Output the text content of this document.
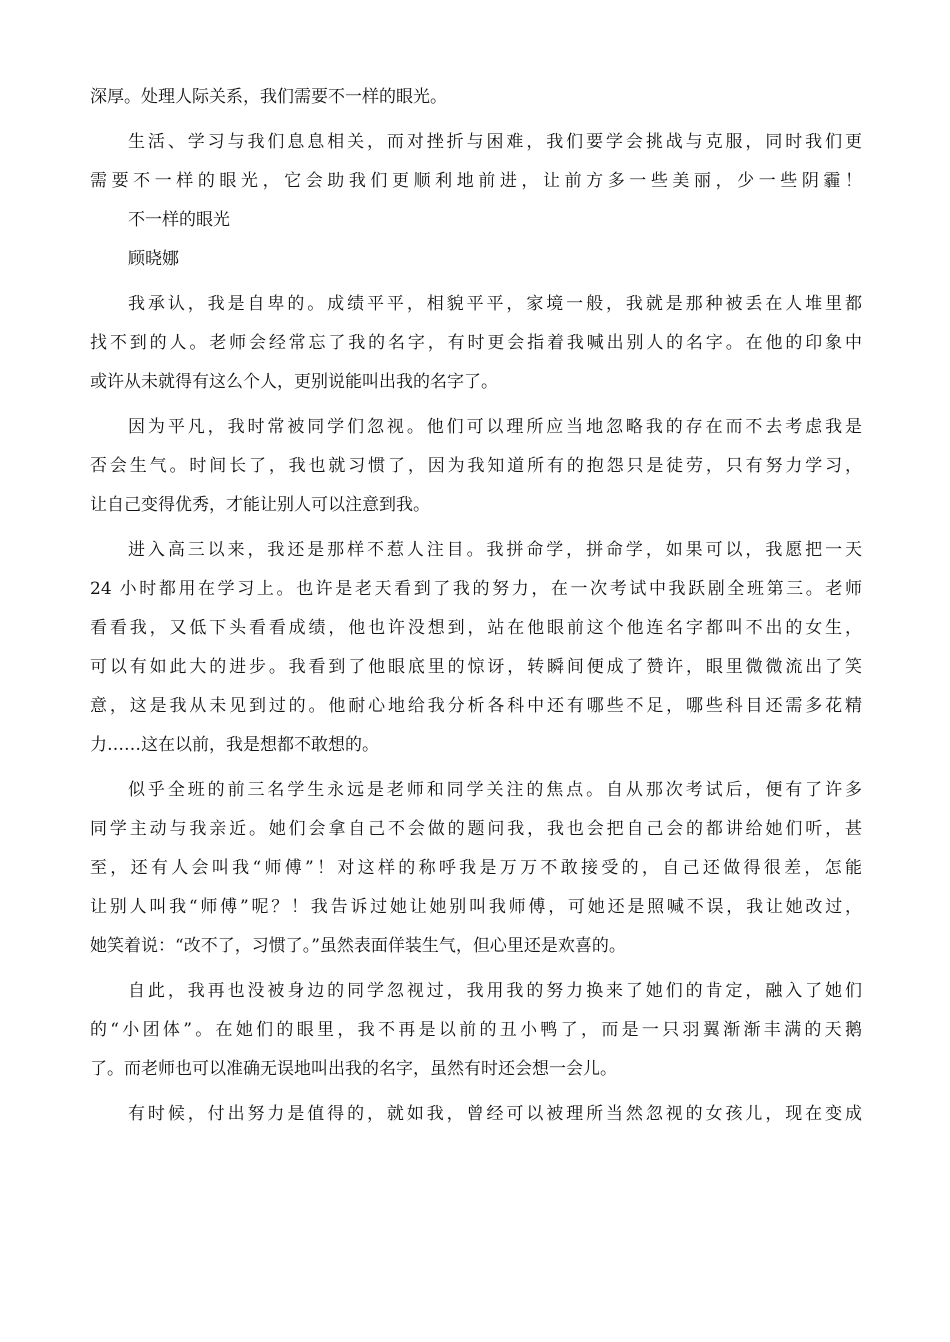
深厚。处理人际关系，我们需要不一样的眼光。
生活、学习与我们息息相关，而对挫折与困难，我们要学会挑战与克服，同时我们更
需要不一样的眼光，它会助我们更顺利地前进，让前方多一些美丽，少一些阴霾！
不一样的眼光
顾晓娜
我承认，我是自卑的。成绩平平，相貌平平，家境一般，我就是那种被丢在人堆里都
找不到的人。老师会经常忘了我的名字，有时更会指着我喊出别人的名字。在他的印象中
或许从未就得有这么个人，更别说能叫出我的名字了。
因为平凡，我时常被同学们忽视。他们可以理所应当地忽略我的存在而不去考虑我是
否会生气。时间长了，我也就习惯了，因为我知道所有的抱怨只是徒劳，只有努力学习，
让自己变得优秀，才能让别人可以注意到我。
进入高三以来，我还是那样不惹人注目。我拼命学，拼命学，如果可以，我愿把一天
24 小时都用在学习上。也许是老天看到了我的努力，在一次考试中我跃剧全班第三。老师
看看我，又低下头看看成绩，他也许没想到，站在他眼前这个他连名字都叫不出的女生，
可以有如此大的进步。我看到了他眼底里的惊讶，转瞬间便成了赞许，眼里微微流出了笑
意，这是我从未见到过的。他耐心地给我分析各科中还有哪些不足，哪些科目还需多花精
力……这在以前，我是想都不敢想的。
似乎全班的前三名学生永远是老师和同学关注的焦点。自从那次考试后，便有了许多
同学主动与我亲近。她们会拿自己不会做的题问我，我也会把自己会的都讲给她们听，甚
至，还有人会叫我“师傅”！对这样的称呼我是万万不敢接受的，自己还做得很差，怎能
让别人叫我“师傅”呢？！我告诉过她让她别叫我师傅，可她还是照喊不误，我让她改过，
她笑着说：“改不了，习惯了。”虽然表面佯装生气，但心里还是欢喜的。
自此，我再也没被身边的同学忽视过，我用我的努力换来了她们的肯定，融入了她们
的“小团体”。在她们的眼里，我不再是以前的丑小鸭了，而是一只羽翼渐渐丰满的天鹅
了。而老师也可以准确无误地叫出我的名字，虽然有时还会想一会儿。
有时候，付出努力是值得的，就如我，曾经可以被理所当然忽视的女孩儿，现在变成
